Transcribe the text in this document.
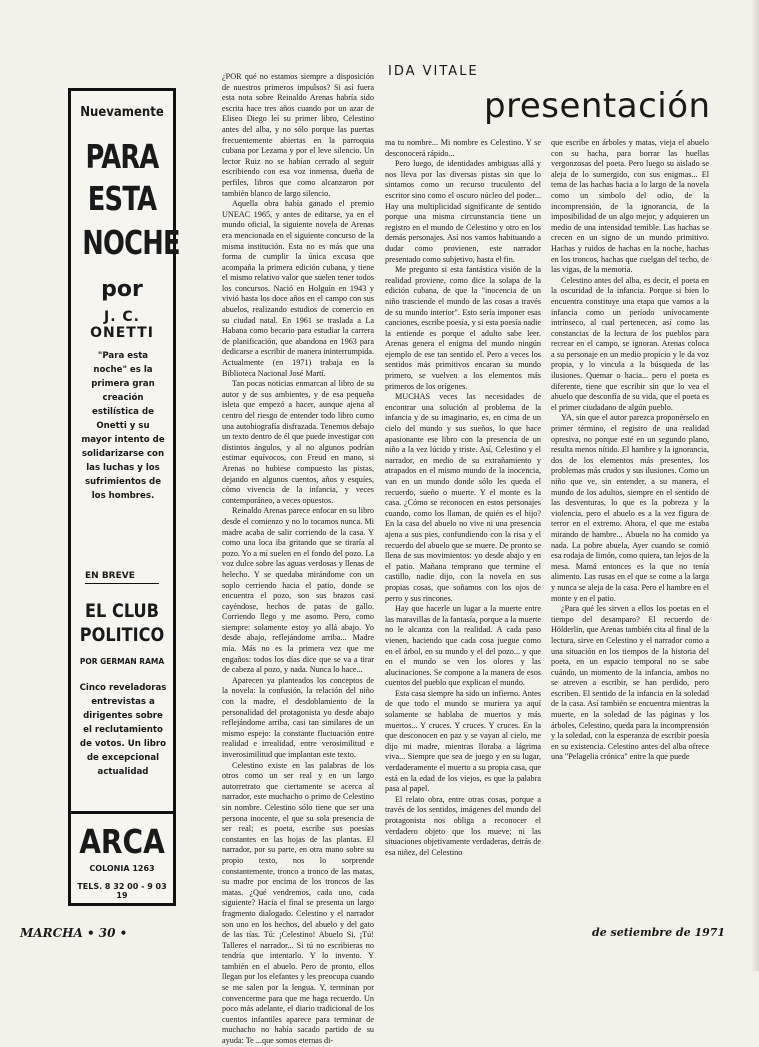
Nuevamente
PARA
ESTA
NOCHE
por
J. C. ONETTI
"Para esta noche" es la primera gran creación estilística de Onetti y su mayor intento de solidarizarse con las luchas y los sufrimientos de los hombres.
EN BREVE
EL CLUB
POLITICO
POR GERMAN RAMA
Cinco reveladoras entrevistas a dirigentes sobre el reclutamiento de votos. Un libro de excepcional actualidad
ARCA
COLONIA 1263
TELS. 8 32 00 - 9 03 19
IDA VITALE
presentación

¿POR qué no estamos siempre a disposición de nuestros primeros impulsos? Si así fuera esta nota sobre Reinaldo Arenas habría sido escrita hace tres años cuando por un azar de Eliseo Diego leí su primer libro, Celestino antes del alba, y no sólo porque las puertas frecuentemente abiertas en la parroquia cubana por Lezama y por el leve silencio. Un lector Ruiz no se habían cerrado al seguir escribiendo con esa voz inmensa, dueña de perfiles, libros que como alcanzaron por también blanco de largo silencio.

Aquella obra había ganado el premio UNEAC 1965, y antes de editarse, ya en el mundo oficial, la siguiente novela de Arenas era mencionada en el siguiente concurso de la misma institución. Esta no es más que una forma de cumplir la única excusa que acompaña la primera edición cubana, y tiene el mismo relativo valor que suelen tener todos los concursos. Nació en Holguín en 1943 y vivió hasta los doce años en el campo con sus abuelos, realizando estudios de comercio en su ciudad natal. En 1961 se traslada a La Habana como becario para estudiar la carrera de planificación, que abandona en 1963 para dedicarse a escribir de manera ininterrumpida. Actualmente (en 1971) trabaja en la Biblioteca Nacional José Martí.

Tan pocas noticias enmarcan al libro de su autor y de sus ambientes, y de esa pequeña isleta que empezó a hacer, aunque ajena al centro del riesgo de entender todo libro como una autobiografía disfrazada. Tenemos debajo un texto dentro de él que puede investigar con distintos ángulos, y al no algunos podrían estimar equívocos, con Freud en mano, si Arenas no hubiese compuesto las pistas, dejando en algunos cuentos, años y esquíes, cómo vivencia de la infancia, y veces contemporáneo, a veces opuestos.

Reinaldo Arenas parece enfocar en su libro desde el comienzo y no lo tocamos nunca. Mi madre acaba de salir corriendo de la casa. Y como una loca iba gritando que se tiraría al pozo. Yo a mí suelen en el fondo del pozo. La voz dulce sobre las aguas verdosas y llenas de helecho. Y se quedaba mirándome con un soplo cerriendo hacia el patio, donde se encuentra el pozo, son sus brazos casi cayéndose, hechos de patas de gallo. Corriendo llego y me asomo. Pero, como siempre: solamente estoy yo allá abajo. Yo desde abajo, reflejándome arriba... Madre mía. Más no es la primera vez que me engaños: todos los días dice que se va a tirar de cabeza al pozo, y nada. Nunca lo hace...

Aparecen ya planteados los conceptos de la novela: la confusión, la relación del niño con la madre, el desdoblamiento de la personalidad del protagonista yo desde abajo reflejándome arriba, casi tan similares de un mismo espejo: la constante fluctuación entre realidad e irrealidad, entre verosimilitud e inverosimilitud que implantan este texto.

Celestino existe en las palabras de los otros como un ser real y en un largo autorretrato que ciertamente se acerca al narrador, este muchacho o primo de Celestino sin nombre. Celestino sólo tiene que ser una persona inocente, el que su sola presencia de ser real; es poeta, escribe sus poesías constantes en las hojas de las plantas. El narrador, por su parte, en otra mano sobre su propio texto, nos lo sorprende constantemente, tronco a tronco de las matas, su madre por encima de los troncos de las matas. ¿Qué vendremos, cada uno, cada siguiente? Hacia el final se presenta un largo fragmento dialogado. Celestino y el narrador son uno en los hechos, del abuelo y del gato de las tías. Tú: ¡Celestino! Abuelo Si. ¡Tú! Talleres el narrador... Si tú no escribieras no tendría que intentarlo. Y lo invento. Y también en el abuelo. Pero de pronto, ellos llegan por los elefantes y les preocupa cuando se me salen por la lengua. Y, terminan por convencerme para que me haga recuerdo. Un poco más adelante, el diario tradicional de los cuentos infantiles aparece para terminar de muchacho no había sacado partido de su ayuda: Te ...que somos eternas di-

ma tu nombre... Mi nombre es Celestino. Y se desconocerá rápido...

Pero luego, de identidades ambiguas allá y nos lleva por las diversas pistas sin que lo sintamos como un recurso truculento del escritor sino como el oscuro núcleo del poder... Hay una multiplicidad significante de sentido porque una misma circunstancia tiene un registro en el mundo de Celestino y otro en los demás personajes. Así nos vamos habituando a dudar como provienen, este narrador presentado como subjetivo, hasta el fin.

Me pregunto si esta fantástica visión de la realidad proviene, como dice la solapa de la edición cubana, de que la "inocencia de un niño trasciende el mundo de las cosas a través de su mundo interior". Esto sería imponer esas canciones, escribe poesía, y si esta poesía nadie la entiende es porque el adulto sabe leer. Arenas genera el enigma del mundo ningún ejemplo de ese tan sentido el. Pero a veces los sentidos más primitivos encaran su mundo primero, se vuelven a los elementos más primeros de los orígenes.

MUCHAS veces las necesidades de encontrar una solución al problema de la infancia y de su imaginario, es, en cima de un cielo del mundo y sus sueños, lo que hace apasionante ese libro con la presencia de un niño a la vez lúcido y triste. Así, Celestino y el narrador, en medio de su extrañamiento y atrapados en el mismo mundo de la inocencia, van en un mundo donde sólo les queda el recuerdo, sueño o muerte. Y el monte es la casa. ¿Cómo se reconocen en estos personajes cuando, como los llaman, de quién es el hijo? En la casa del abuelo no vive ni una presencia ajena a sus pies, confundiendo con la risa y el recuerdo del abuelo que se muere. De pronto se llena de sus movimientos: yo desde abajo y en el patio. Mañana temprano que termine el castillo, nadie dijo, con la novela en sus propias cosas, que soñamos con los ojos de perro y sus rincones.

Hay que hacerle un lugar a la muerte entre las maravillas de la fantasía, porque a la muerte no le alcanza con la realidad. A cada paso vienen, haciendo que cada cosa juegue como en el árbol, en su mundo y el del pozo... y que en el mundo se ven los olores y las alucinaciones. Se compone a la manera de esos cuentos del pueblo que explican el mundo.

Esta casa siempre ha sido un infierno. Antes de que todo el mundo se muriera ya aquí solamente se hablaba de muertos y más muertos... Y cruces. Y cruces. Y cruces. En la que desconocen en paz y se vayan al cielo, me dijo mi madre, mientras lloraba a lágrima viva... Siempre que sea de juego y en su lugar, verdaderamente el muerto a su propia casa, que está en la edad de los viejos, es que la palabra pasa al papel.

El relato obra, entre otras cosas, porque a través de los sentidos, imágenes del mundo del protagonista nos obliga a reconocer el verdadero objeto que los mueve; ni las situaciones objetivamente verdaderas, detrás de esa niñez, del Celestino

que escribe en árboles y matas, vieja el abuelo con su hacha, para borrar las huellas vergonzosas del poeta. Pero luego su aislado se aleja de lo sumergido, con sus enigmas... El tema de las hachas hacia a lo largo de la novela como un símbolo del odio, de la incomprensión, de la ignorancia, de la imposibilidad de un algo mejor, y adquieren un medio de una intensidad temible. Las hachas se crecen en un signo de un mundo primitivo. Hachas y ruidos de hachas en la noche, hachas en los troncos, hachas que cuelgan del techo, de las vigas, de la memoria.

Celestino antes del alba, es decir, el poeta en la oscuridad de la infancia. Porque si bien lo encuentra constituye una etapa que vamos a la infancia como un período unívocamente intrínseco, al cual pertenecen, así como las constancias de la lectura de los pueblos para recrear en el campo, se ignoran. Arenas coloca a su personaje en un medio propicio y le da voz propia, y lo vincula a la búsqueda de las ilusiones. Quemar o hacia... pero el poeta es diferente, tiene que escribir sin que lo vea el abuelo que desconfía de su vida, que el poeta es el primer ciudadano de algún pueblo.

YA, sin que el autor parezca proponérselo en primer término, el registro de una realidad opresiva, no porque esté en un segundo plano, resulta menos nítido. El hambre y la ignorancia, dos de los elementos más presentes, los problemas más crudos y sus ilusiones. Como un niño que ve, sin entender, a su manera, el mundo de los adultos, siempre en el sentido de las desventuras, lo que es la pobreza y la violencia, pero el abuelo es a la vez figura de terror en el extremo. Ahora, el que me estaba mirando de hambre... Abuela no ha comido ya nada. La pobre abuela, Ayer cuando se comió esa rodaja de limón, como quiera, tan lejos de la mesa. Mamá entonces es la que no tenía alimento. Las rusas en el que se come a la larga y nunca se aleja de la casa. Pero el hambre en el monte y en el patio.

¿Para qué les sirven a ellos los poetas en el tiempo del desamparo? El recuerdo de Hölderlin, que Arenas también cita al final de la lectura, sirve en Celestino y el narrador como a una situación en los tiempos de la historia del poeta, en un espacio temporal no se sabe cuándo, un momento de la infancia, ambos no se atreven a escribir, se han perdido, pero escriben. El sentido de la infancia en la soledad de la casa. Así también se encuentra mientras la muerte, en la soledad de las páginas y los árboles, Celestino, queda para la incomprensión y la soledad, con la esperanza de escribir poesía en su existencia. Celestino antes del alba ofrece una "Pelagelia crónica" entre la que puede

MARCHA • 30 •	de setiembre de 1971
